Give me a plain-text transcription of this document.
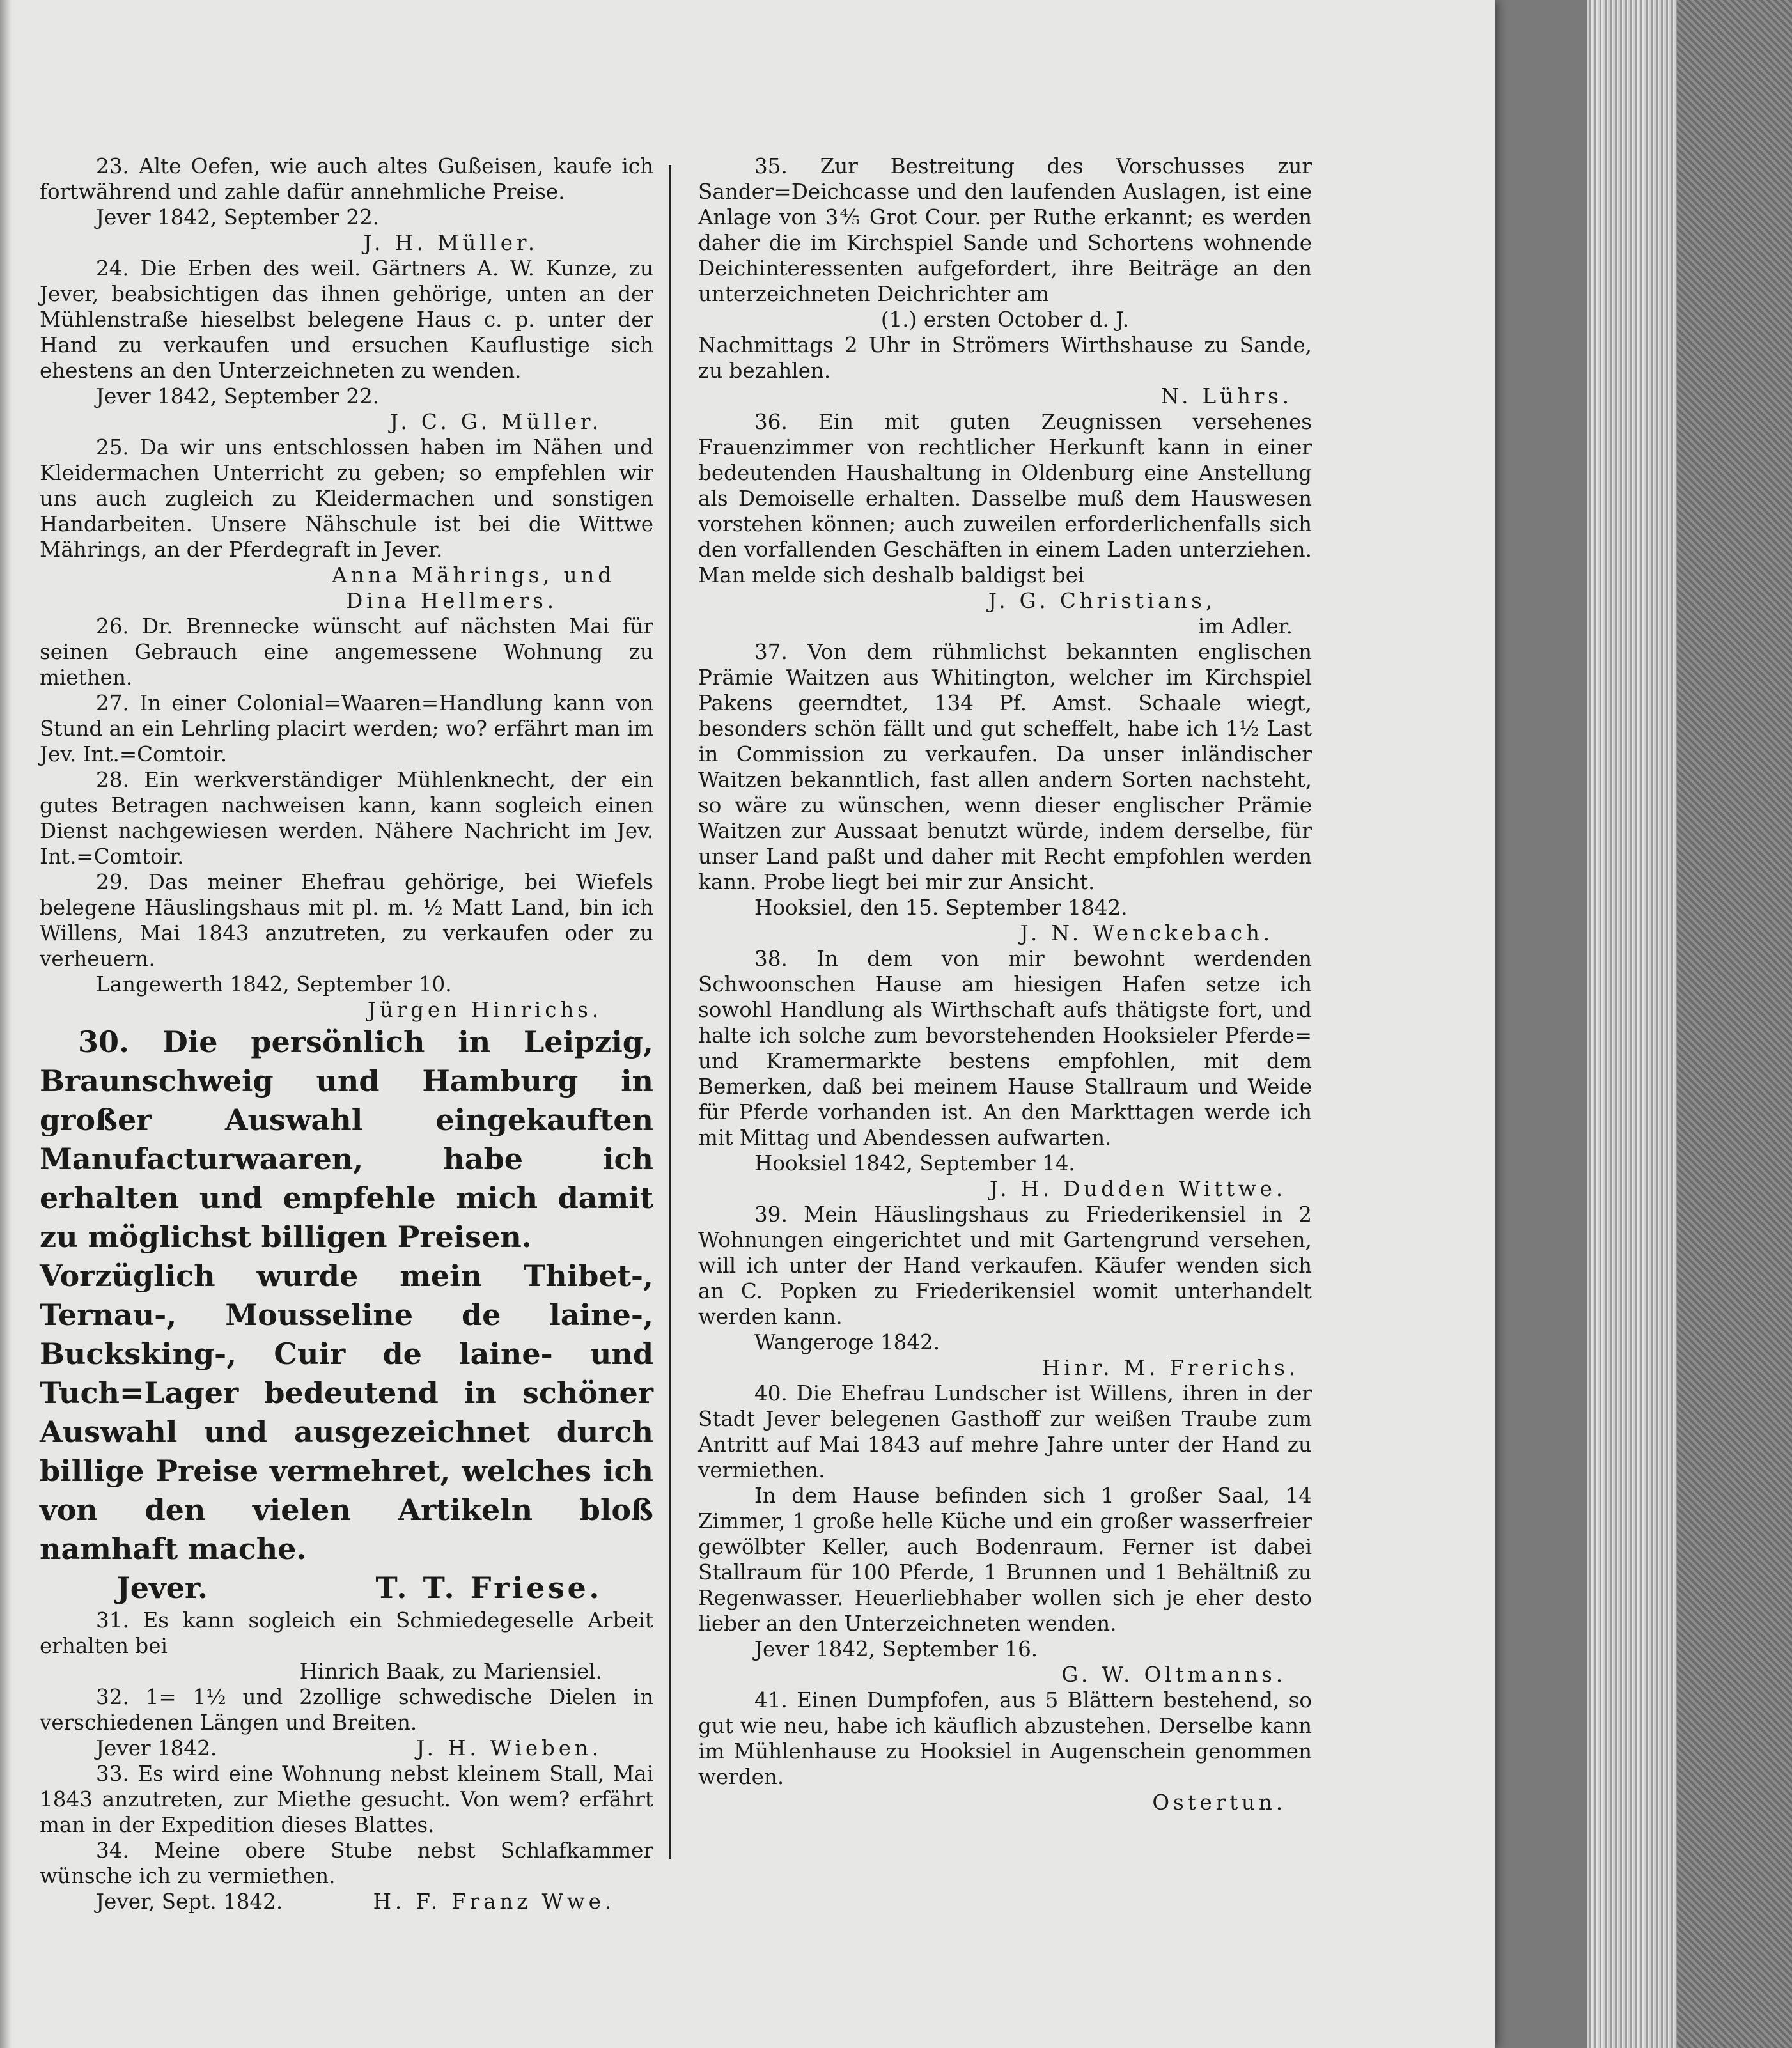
23. Alte Oefen, wie auch altes Gußeisen, kaufe ich fortwährend und zahle dafür annehmliche Preise.

Jever 1842, September 22.

J. H. Müller.

24. Die Erben des weil. Gärtners A. W. Kunze, zu Jever, beabsichtigen das ihnen gehörige, unten an der Mühlenstraße hieselbst belegene Haus c. p. unter der Hand zu verkaufen und ersuchen Kauflustige sich ehestens an den Unterzeichneten zu wenden.

Jever 1842, September 22.

J. C. G. Müller.

25. Da wir uns entschlossen haben im Nähen und Kleidermachen Unterricht zu geben; so empfehlen wir uns auch zugleich zu Kleidermachen und sonstigen Handarbeiten. Unsere Nähschule ist bei die Wittwe Mährings, an der Pferdegraft in Jever.

Anna Mährings, und

Dina Hellmers.

26. Dr. Brennecke wünscht auf nächsten Mai für seinen Gebrauch eine angemessene Wohnung zu miethen.

27. In einer Colonial=Waaren=Handlung kann von Stund an ein Lehrling placirt werden; wo? erfährt man im Jev. Int.=Comtoir.

28. Ein werkverständiger Mühlenknecht, der ein gutes Betragen nachweisen kann, kann sogleich einen Dienst nachgewiesen werden. Nähere Nachricht im Jev. Int.=Comtoir.

29. Das meiner Ehefrau gehörige, bei Wiefels belegene Häuslingshaus mit pl. m. ½ Matt Land, bin ich Willens, Mai 1843 anzutreten, zu verkaufen oder zu verheuern.

Langewerth 1842, September 10.

Jürgen Hinrichs.

30. Die persönlich in Leipzig, Braunschweig und Hamburg in großer Auswahl eingekauften Manufacturwaaren, habe ich erhalten und empfehle mich damit zu möglichst billigen Preisen.

Vorzüglich wurde mein Thibet-, Ternau-, Mousseline de laine-, Bucksking-, Cuir de laine- und Tuch=Lager bedeutend in schöner Auswahl und ausgezeichnet durch billige Preise vermehret, welches ich von den vielen Artikeln bloß namhaft mache.

Jever.	T. T. Friese.

31. Es kann sogleich ein Schmiedegeselle Arbeit erhalten bei

Hinrich Baak, zu Mariensiel.

32. 1= 1½ und 2zollige schwedische Dielen in verschiedenen Längen und Breiten.

Jever 1842.	J. H. Wieben.

33. Es wird eine Wohnung nebst kleinem Stall, Mai 1843 anzutreten, zur Miethe gesucht. Von wem? erfährt man in der Expedition dieses Blattes.

34. Meine obere Stube nebst Schlafkammer wünsche ich zu vermiethen.

Jever, Sept. 1842.	H. F. Franz Wwe.

35. Zur Bestreitung des Vorschusses zur Sander=Deichcasse und den laufenden Auslagen, ist eine Anlage von 3⅘ Grot Cour. per Ruthe erkannt; es werden daher die im Kirchspiel Sande und Schortens wohnende Deichinteressenten aufgefordert, ihre Beiträge an den unterzeichneten Deichrichter am

(1.) ersten October d. J.

Nachmittags 2 Uhr in Strömers Wirthshause zu Sande, zu bezahlen.

N. Lührs.

36. Ein mit guten Zeugnissen versehenes Frauenzimmer von rechtlicher Herkunft kann in einer bedeutenden Haushaltung in Oldenburg eine Anstellung als Demoiselle erhalten. Dasselbe muß dem Hauswesen vorstehen können; auch zuweilen erforderlichenfalls sich den vorfallenden Geschäften in einem Laden unterziehen. Man melde sich deshalb baldigst bei

J. G. Christians,

im Adler.

37. Von dem rühmlichst bekannten englischen Prämie Waitzen aus Whitington, welcher im Kirchspiel Pakens geerndtet, 134 Pf. Amst. Schaale wiegt, besonders schön fällt und gut scheffelt, habe ich 1½ Last in Commission zu verkaufen. Da unser inländischer Waitzen bekanntlich, fast allen andern Sorten nachsteht, so wäre zu wünschen, wenn dieser englischer Prämie Waitzen zur Aussaat benutzt würde, indem derselbe, für unser Land paßt und daher mit Recht empfohlen werden kann. Probe liegt bei mir zur Ansicht.

Hooksiel, den 15. September 1842.

J. N. Wenckebach.

38. In dem von mir bewohnt werdenden Schwoonschen Hause am hiesigen Hafen setze ich sowohl Handlung als Wirthschaft aufs thätigste fort, und halte ich solche zum bevorstehenden Hooksieler Pferde= und Kramermarkte bestens empfohlen, mit dem Bemerken, daß bei meinem Hause Stallraum und Weide für Pferde vorhanden ist. An den Markttagen werde ich mit Mittag und Abendessen aufwarten.

Hooksiel 1842, September 14.

J. H. Dudden Wittwe.

39. Mein Häuslingshaus zu Friederikensiel in 2 Wohnungen eingerichtet und mit Gartengrund versehen, will ich unter der Hand verkaufen. Käufer wenden sich an C. Popken zu Friederikensiel womit unterhandelt werden kann.

Wangeroge 1842.

Hinr. M. Frerichs.

40. Die Ehefrau Lundscher ist Willens, ihren in der Stadt Jever belegenen Gasthoff zur weißen Traube zum Antritt auf Mai 1843 auf mehre Jahre unter der Hand zu vermiethen.

In dem Hause befinden sich 1 großer Saal, 14 Zimmer, 1 große helle Küche und ein großer wasserfreier gewölbter Keller, auch Bodenraum. Ferner ist dabei Stallraum für 100 Pferde, 1 Brunnen und 1 Behältniß zu Regenwasser. Heuerliebhaber wollen sich je eher desto lieber an den Unterzeichneten wenden.

Jever 1842, September 16.

G. W. Oltmanns.

41. Einen Dumpfofen, aus 5 Blättern bestehend, so gut wie neu, habe ich käuflich abzustehen. Derselbe kann im Mühlenhause zu Hooksiel in Augenschein genommen werden.

Ostertun.
